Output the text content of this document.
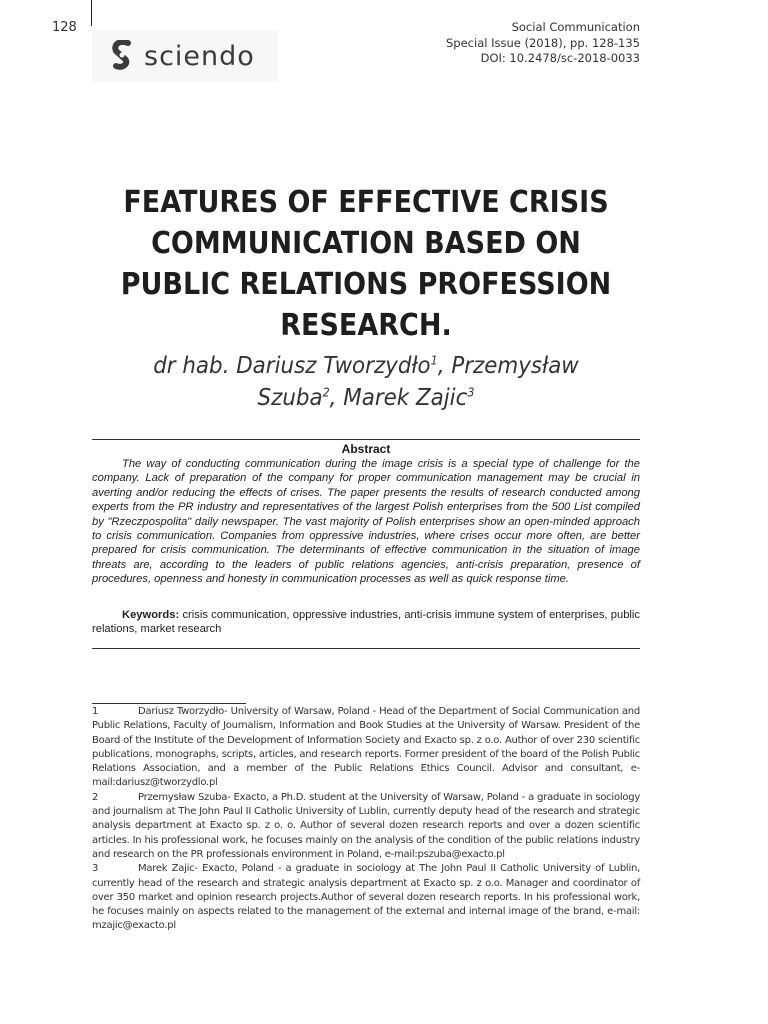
128
sciendo
Social Communication
Special Issue (2018), pp. 128-135
DOI: 10.2478/sc-2018-0033
FEATURES OF EFFECTIVE CRISIS COMMUNICATION BASED ON PUBLIC RELATIONS PROFESSION RESEARCH.
dr hab. Dariusz Tworzydło$^1$, Przemysław Szuba$^2$, Marek Zajic$^3$
Abstract

The way of conducting communication during the image crisis is a special type of challenge for the company. Lack of preparation of the company for proper communication management may be crucial in averting and/or reducing the effects of crises. The paper presents the results of research conducted among experts from the PR industry and representatives of the largest Polish enterprises from the 500 List compiled by "Rzeczpospolita" daily newspaper. The vast majority of Polish enterprises show an open-minded approach to crisis communication. Companies from oppressive industries, where crises occur more often, are better prepared for crisis communication. The determinants of effective communication in the situation of image threats are, according to the leaders of public relations agencies, anti-crisis preparation, presence of procedures, openness and honesty in communication processes as well as quick response time.

Keywords: crisis communication, oppressive industries, anti-crisis immune system of enterprises, public relations, market research

1	Dariusz Tworzydło- University of Warsaw, Poland - Head of the Department of Social Communication and Public Relations, Faculty of Journalism, Information and Book Studies at the University of Warsaw. President of the Board of the Institute of the Development of Information Society and Exacto sp. z o.o. Author of over 230 scientific publications, monographs, scripts, articles, and research reports. Former president of the board of the Polish Public Relations Association, and a member of the Public Relations Ethics Council. Advisor and consultant, e-mail:dariusz@tworzydlo.pl

2	Przemysław Szuba- Exacto, a Ph.D. student at the University of Warsaw, Poland - a graduate in sociology and journalism at The John Paul II Catholic University of Lublin, currently deputy head of the research and strategic analysis department at Exacto sp. z o. o. Author of several dozen research reports and over a dozen scientific articles. In his professional work, he focuses mainly on the analysis of the condition of the public relations industry and research on the PR professionals environment in Poland, e-mail:pszuba@exacto.pl

3	Marek Zajic- Exacto, Poland - a graduate in sociology at The John Paul II Catholic University of Lublin, currently head of the research and strategic analysis department at Exacto sp. z o.o. Manager and coordinator of over 350 market and opinion research projects.Author of several dozen research reports. In his professional work, he focuses mainly on aspects related to the management of the external and internal image of the brand, e-mail: mzajic@exacto.pl
